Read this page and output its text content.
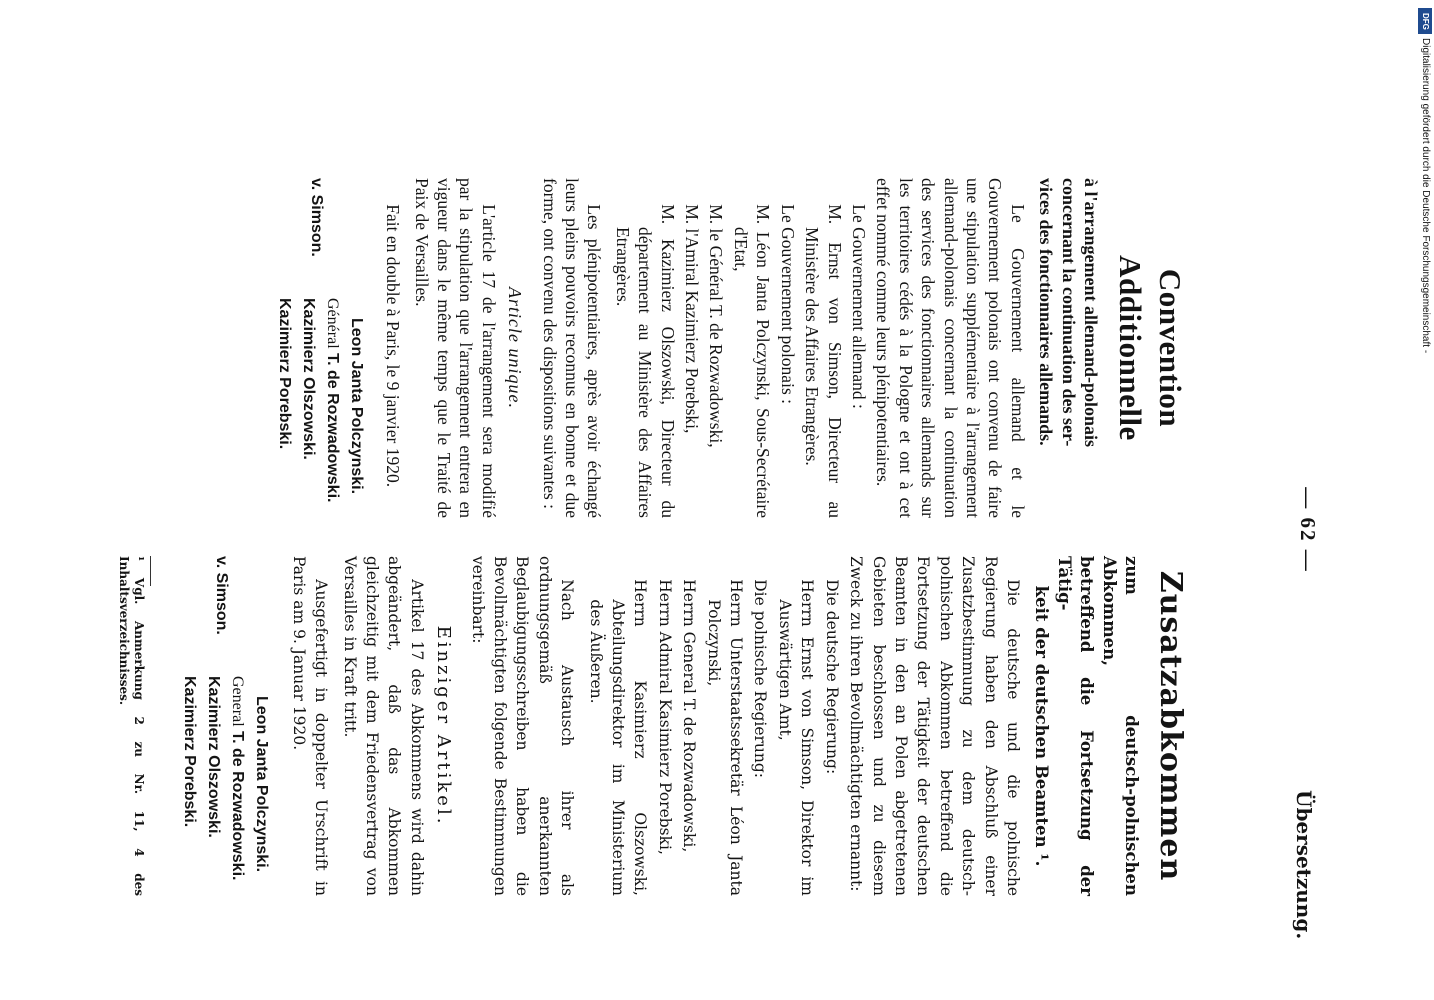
— 62 —
Übersetzung.
Convention Additionnelle
à l'arrangement allemand-polonais
concernant la continuation des ser-
vices des fonctionnaires allemands.

Le Gouvernement allemand et le Gouvernement polonais ont convenu de faire une stipulation supplémentaire à l'arrangement allemand-polonais concernant la continuation des services des fonctionnaires allemands sur les territoires cédés à la Pologne et ont à cet effet nommé comme leurs plénipotentiaires.

Le Gouvernement allemand :
M. Ernst von Simson, Directeur au Ministère des Affaires Etrangères.
Le Gouvernement polonais :
M. Léon Janta Polczynski, Sous-Secrétaire d'Etat,
M. le Général T. de Rozwadowski,
M. l'Amiral Kazimierz Porebski,
M. Kazimierz Olszowski, Directeur du département au Ministère des Affaires Etrangères.

Les plénipotentiaires, après avoir échangé leurs pleins pouvoirs reconnus en bonne et due forme, ont convenu des dispositions suivantes :

Article unique.

L'article 17 de l'arrangement sera modifié par la stipulation que l'arrangement entrera en vigueur dans le même temps que le Traité de Paix de Versailles.

Fait en double à Paris, le 9 janvier 1920.

v. Simson.
Leon Janta Polczynski.
Général T. de Rozwadowski.
Kazimierz Olszowski.
Kazimierz Porebski.
Zusatzabkommen
zum deutsch-polnischen Abkommen,
betreffend die Fortsetzung der Tätig-
keit der deutschen Beamten ¹.

Die deutsche und die polnische Regierung haben den Abschluß einer Zusatzbestimmung zu dem deutsch-polnischen Abkommen betreffend die Fortsetzung der Tätigkeit der deutschen Beamten in den an Polen abgetretenen Gebieten beschlossen und zu diesem Zweck zu ihren Bevollmächtigten ernannt:

Die deutsche Regierung:
Herrn Ernst von Simson, Direktor im Auswärtigen Amt,
Die polnische Regierung:
Herrn Unterstaatssekretär Léon Janta Polczynski,
Herrn General T. de Rozwadowski,
Herrn Admiral Kasimierz Porebski,
Herrn Kasimierz Olszowski, Abteilungsdirektor im Ministerium des Äußeren.

Nach Austausch ihrer als ordnungsgemäß anerkannten Beglaubigungsschreiben haben die Bevollmächtigten folgende Bestimmungen vereinbart:

Einziger Artikel.

Artikel 17 des Abkommens wird dahin abgeändert, daß das Abkommen gleichzeitig mit dem Friedensvertrag von Versailles in Kraft tritt.

Ausgefertigt in doppelter Urschrift in Paris am 9. Januar 1920.

v. Simson.
Leon Janta Polczynski.
General T. de Rozwadowski.
Kazimierz Olszowski.
Kazimierz Porebski.
¹ Vgl. Anmerkung 2 zu Nr. 11, 4 des Inhaltsverzeichnisses.
DFG
Digitalisierung gefördert durch die Deutsche Forschungsgemeinschaft -
